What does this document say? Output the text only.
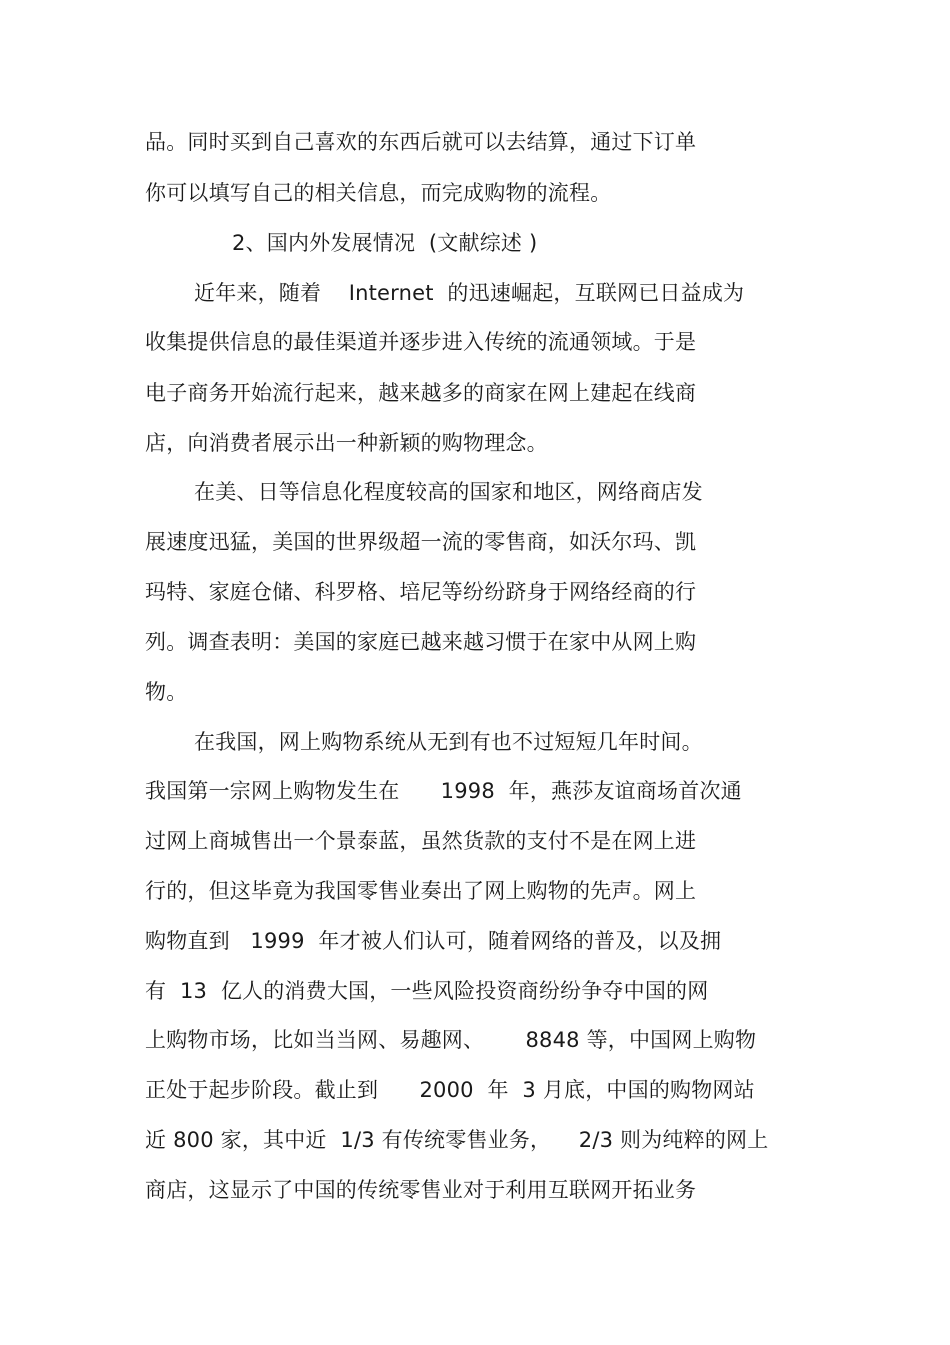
品。同时买到自己喜欢的东西后就可以去结算，通过下订单
你可以填写自己的相关信息，而完成购物的流程。
2、国内外发展情况  (文献综述 )
近年来，随着    Internet  的迅速崛起，互联网已日益成为
收集提供信息的最佳渠道并逐步进入传统的流通领域。于是
电子商务开始流行起来，越来越多的商家在网上建起在线商
店，向消费者展示出一种新颖的购物理念。
在美、日等信息化程度较高的国家和地区，网络商店发
展速度迅猛，美国的世界级超一流的零售商，如沃尔玛、凯
玛特、家庭仓储、科罗格、培尼等纷纷跻身于网络经商的行
列。调查表明：美国的家庭已越来越习惯于在家中从网上购
物。
在我国，网上购物系统从无到有也不过短短几年时间。
我国第一宗网上购物发生在      1998  年，燕莎友谊商场首次通
过网上商城售出一个景泰蓝，虽然货款的支付不是在网上进
行的，但这毕竟为我国零售业奏出了网上购物的先声。网上
购物直到   1999  年才被人们认可，随着网络的普及，以及拥
有  13  亿人的消费大国，一些风险投资商纷纷争夺中国的网
上购物市场，比如当当网、易趣网、      8848 等，中国网上购物
正处于起步阶段。截止到      2000  年  3 月底，中国的购物网站
近 800 家，其中近  1/3 有传统零售业务，    2/3 则为纯粹的网上
商店，这显示了中国的传统零售业对于利用互联网开拓业务
